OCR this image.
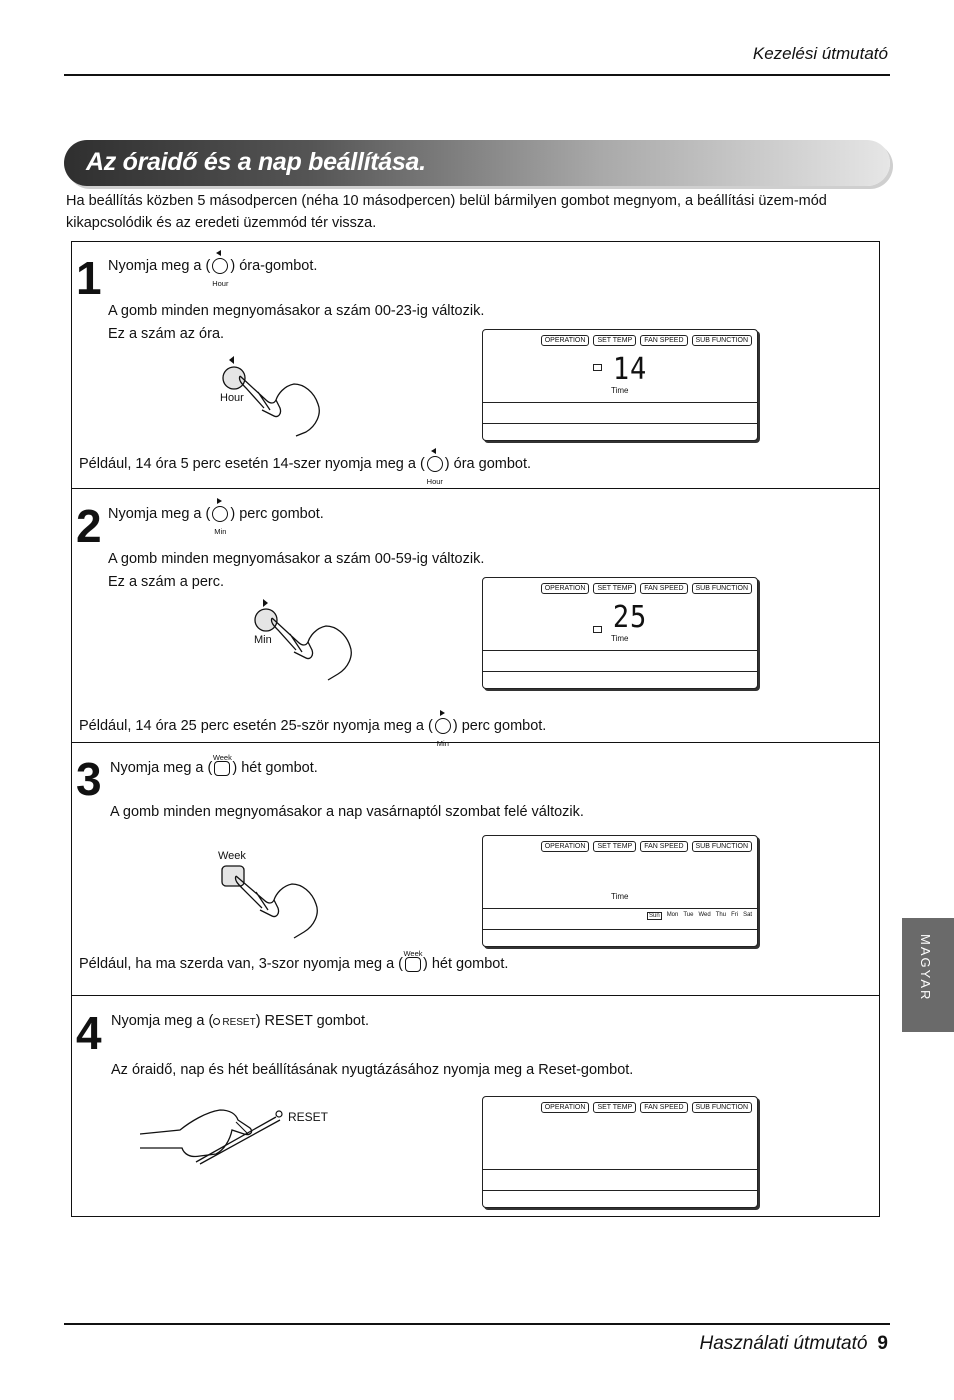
Kezelési útmutató
Az óraidő és a nap beállítása.
Ha beállítás közben 5 másodpercen (néha 10 másodpercen) belül bármilyen gombot megnyom, a beállítási üzem-mód kikapcsolódik és az eredeti üzemmód tér vissza.
1 Nyomja meg a (
Hour
) óra-gombot.
A gomb minden megnyomásakor a szám 00-23-ig változik.
Ez a szám az óra.
Hour
OPERATION	SET TEMP	FAN SPEED	SUB FUNCTION
14
Time
Például, 14 óra 5 perc esetén 14-szer nyomja meg a (
Hour
) óra gombot.
2 Nyomja meg a (
Min
) perc gombot.
A gomb minden megnyomásakor a szám 00-59-ig változik.
Ez a szám a perc.
Min
OPERATION	SET TEMP	FAN SPEED	SUB FUNCTION
25
Time
Például, 14 óra 25 perc esetén 25-ször nyomja meg a (
Min
) perc gombot.
3 Nyomja meg a (
Week
) hét gombot.
A gomb minden megnyomásakor a nap vasárnaptól szombat felé változik.
Week
OPERATION	SET TEMP	FAN SPEED	SUB FUNCTION
Time
Sun	Mon Tue Wed Thu Fri Sat
Például, ha ma szerda van, 3-szor nyomja meg a (
Week
) hét gombot.
4 Nyomja meg a ( RESET) RESET gombot.
Az óraidő, nap és hét beállításának nyugtázásához nyomja meg a Reset-gombot.
RESET
OPERATION	SET TEMP	FAN SPEED	SUB FUNCTION
MAGYAR
Használati útmutató 9
